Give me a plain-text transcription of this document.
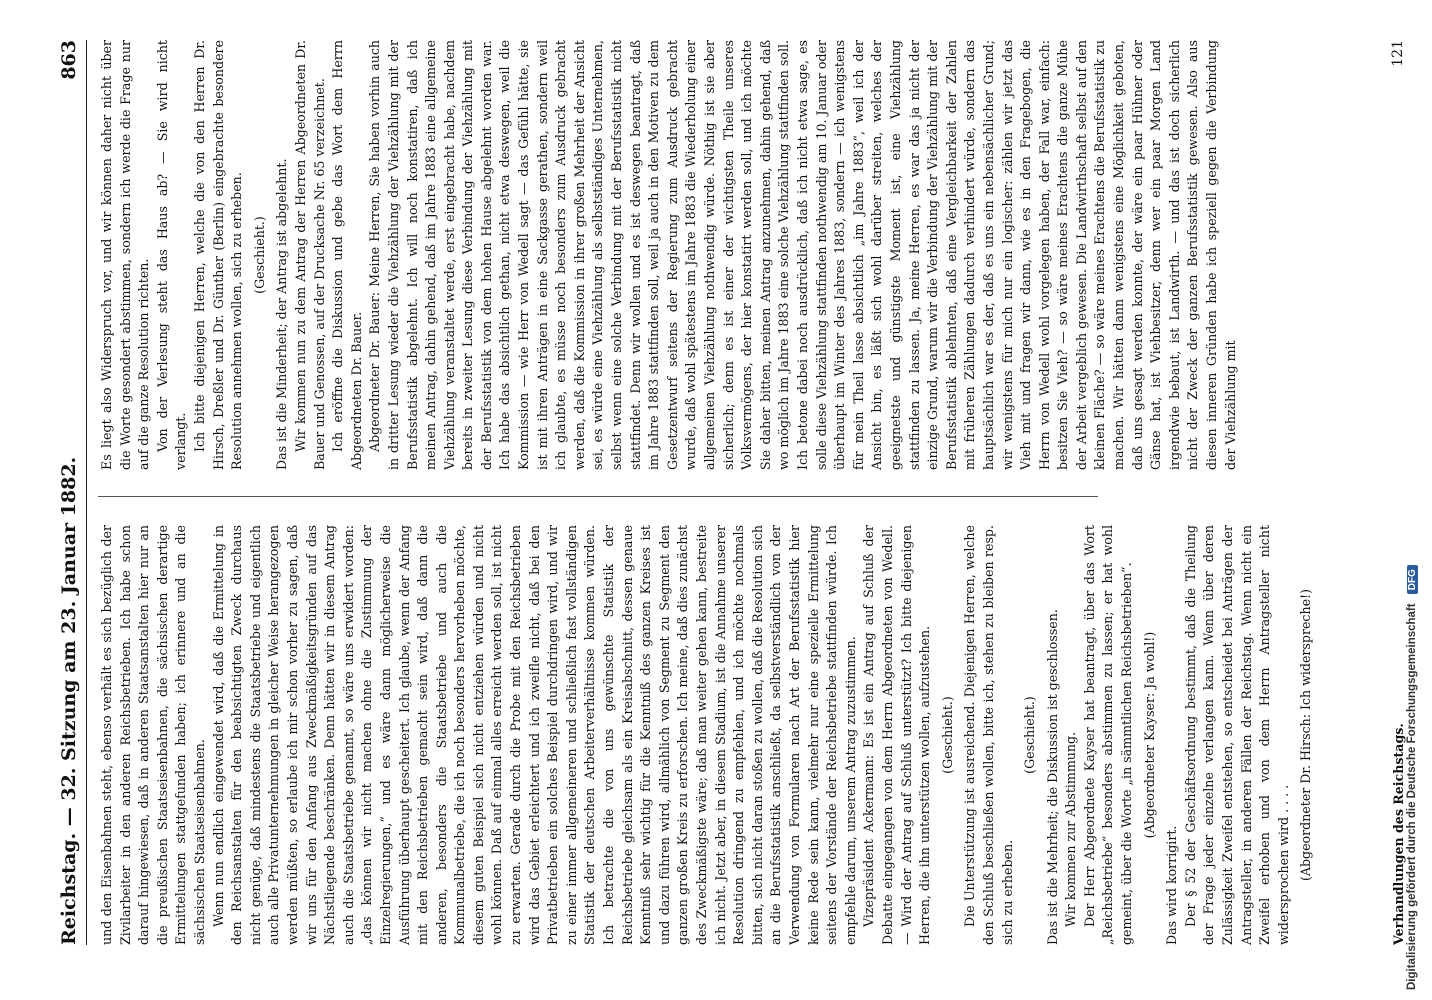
Reichstag. — 32. Sitzung am 23. Januar 1882.
863

und den Eisenbahnen steht, ebenso verhält es sich bezüglich der Zivilarbeiter in den anderen Reichsbetrieben. Ich habe schon darauf hingewiesen, daß in anderen Staatsanstalten hier nur an die preußischen Staatseisenbahnen, die sächsischen derartige Ermittelungen stattgefunden haben; ich erinnere und an die sächsischen Staatseisenbahnen. Wenn nun endlich eingewendet wird, daß die Ermittelung in den Reichsanstalten für den beabsichtigten Zweck durchaus nicht genüge, daß mindestens die Staatsbetriebe und eigentlich auch alle Privatunternehmungen in gleicher Weise herangezogen werden müßten, so erlaube ich mir schon vorher zu sagen, daß wir uns für den Anfang aus Zweckmäßigkeitsgründen auf das Nächstliegende beschränken. Denn hätten wir in diesem Antrag auch die Staatsbetriebe genannt, so wäre uns erwidert worden: „das können wir nicht machen ohne die Zustimmung der Einzelregierungen,“ und es wäre dann möglicherweise die Ausführung überhaupt gescheitert. Ich glaube, wenn der Anfang mit den Reichsbetrieben gemacht sein wird, daß dann die anderen, besonders die Staatsbetriebe und auch die Kommunalbetriebe, die ich noch besonders hervorheben möchte, diesem guten Beispiel sich nicht entziehen würden und nicht wohl können. Daß auf einmal alles erreicht werden soll, ist nicht zu erwarten. Gerade durch die Probe mit den Reichsbetrieben wird das Gebiet erleichtert und ich zweifle nicht, daß bei den Privatbetrieben ein solches Beispiel durchdringen wird, und wir zu einer immer allgemeineren und schließlich fast vollständigen Statistik der deutschen Arbeiterverhältnisse kommen würden. Ich betrachte die von uns gewünschte Statistik der Reichsbetriebe gleichsam als ein Kreisabschnitt, dessen genaue Kenntniß sehr wichtig für die Kenntniß des ganzen Kreises ist und dazu führen wird, allmählich von Segment zu Segment den ganzen großen Kreis zu erforschen. Ich meine, daß dies zunächst des Zweckmäßigste wäre; daß man weiter gehen kann, bestreite ich nicht. Jetzt aber, in diesem Stadium, ist die Annahme unserer Resolution dringend zu empfehlen, und ich möchte nochmals bitten, sich nicht daran stoßen zu wollen, daß die Resolution sich an die Berufsstatistik anschließt, da selbstverständlich von der Verwendung von Formularen nach Art der Berufsstatistik hier keine Rede sein kann, vielmehr nur eine spezielle Ermittelung seitens der Vorstände der Reichsbetriebe stattfinden würde. Ich empfehle darum, unserem Antrag zuzustimmen. Vizepräsident Ackermann: Es ist ein Antrag auf Schluß der Debatte eingegangen von dem Herrn Abgeordneten von Wedell. — Wird der Antrag auf Schluß unterstützt? Ich bitte diejenigen Herren, die ihn unterstützen wollen, aufzustehen. (Geschieht.) Die Unterstützung ist ausreichend. Diejenigen Herren, welche den Schluß beschließen wollen, bitte ich, stehen zu bleiben resp. sich zu erheben.

(Geschieht.) Das ist die Mehrheit; die Diskussion ist geschlossen. Wir kommen zur Abstimmung. Der Herr Abgeordnete Kayser hat beantragt, über das Wort „Reichsbetriebe“ besonders abstimmen zu lassen; er hat wohl gemeint, über die Worte „in sämmtlichen Reichsbetrieben“. (Abgeordneter Kayser: Ja wohl!)

Das wird korrigirt. Der § 52 der Geschäftsordnung bestimmt, daß die Theilung der Frage jeder einzelne verlangen kann. Wenn über deren Zulässigkeit Zweifel entstehen, so entscheidet bei Anträgen der Antragsteller, in anderen Fällen der Reichstag. Wenn nicht ein Zweifel erhoben und von dem Herrn Antragsteller nicht widersprochen wird . . . . (Abgeordneter Dr. Hirsch: Ich widerspreche!)

Es liegt also Widerspruch vor, und wir können daher nicht über die Worte gesondert abstimmen, sondern ich werde die Frage nur auf die ganze Resolution richten. Von der Verlesung steht das Haus ab? — Sie wird nicht verlangt. Ich bitte diejenigen Herren, welche die von den Herren Dr. Hirsch, Dreßler und Dr. Günther (Berlin) eingebrachte besondere Resolution annehmen wollen, sich zu erheben. (Geschieht.) Das ist die Minderheit; der Antrag ist abgelehnt. Wir kommen nun zu dem Antrag der Herren Abgeordneten Dr. Bauer und Genossen, auf der Drucksache Nr. 65 verzeichnet. Ich eröffne die Diskussion und gebe das Wort dem Herrn Abgeordneten Dr. Bauer. Abgeordneter Dr. Bauer: Meine Herren, Sie haben vorhin auch in dritter Lesung wieder die Viehzählung der Viehzählung mit der Berufsstatistik abgelehnt. Ich will noch konstatiren, daß ich meinen Antrag, dahin gehend, daß im Jahre 1883 eine allgemeine Viehzählung veranstaltet werde, erst eingebracht habe, nachdem bereits in zweiter Lesung diese Verbindung der Viehzählung mit der Berufsstatistik von dem hohen Hause abgelehnt worden war. Ich habe das absichtlich gethan, nicht etwa deswegen, weil die Kommission — wie Herr von Wedell sagt — das Gefühl hätte, sie ist mit ihren Anträgen in eine Sackgasse gerathen, sondern weil ich glaubte, es müsse noch besonders zum Ausdruck gebracht werden, daß die Kommission in ihrer großen Mehrheit der Ansicht sei, es würde eine Viehzählung als selbstständiges Unternehmen, selbst wenn eine solche Verbindung mit der Berufsstatistik nicht stattfindet. Denn wir wollen und es ist deswegen beantragt, daß im Jahre 1883 stattfinden soll, weil ja auch in den Motiven zu dem Gesetzentwurf seitens der Regierung zum Ausdruck gebracht wurde, daß wohl spätestens im Jahre 1883 die Wiederholung einer allgemeinen Viehzählung nothwendig würde. Nöthig ist sie aber sicherlich; denn es ist einer der wichtigsten Theile unseres Volksvermögens, der hier konstatirt werden soll, und ich möchte Sie daher bitten, meinen Antrag anzunehmen, dahin gehend, daß wo möglich im Jahre 1883 eine solche Viehzählung stattfinden soll. Ich betone dabei noch ausdrücklich, daß ich nicht etwa sage, es solle diese Viehzählung stattfinden nothwendig am 10. Januar oder überhaupt im Winter des Jahres 1883, sondern — ich wenigstens für mein Theil lasse absichtlich „im Jahre 1883“, weil ich der Ansicht bin, es läßt sich wohl darüber streiten, welches der geeignetste und günstigste Moment ist, eine Viehzählung stattfinden zu lassen. Ja, meine Herren, es war das ja nicht der einzige Grund, warum wir die Verbindung der Viehzählung mit der Berufsstatistik ablehnten, daß eine Vergleichbarkeit der Zahlen mit früheren Zählungen dadurch verhindert würde, sondern das hauptsächlich war es der, daß es uns ein nebensächlicher Grund; wir wenigstens für mich nur ein logischer: zählen wir jetzt das Vieh mit und fragen wir dann, wie es in den Fragebogen, die Herrn von Wedell wohl vorgelegen haben, der Fall war, einfach: besitzen Sie Vieh? — so wäre meines Erachtens die ganze Mühe der Arbeit vergeblich gewesen. Die Landwirthschaft selbst auf den kleinen Fläche? — so wäre meines Erachtens die Berufsstatistik zu machen. Wir hätten dann wenigstens eine Möglichkeit geboten, daß uns gesagt werden konnte, der wäre ein paar Hühner oder Gänse hat, ist Viehbesitzer, denn wer ein paar Morgen Land irgendwie bebaut, ist Landwirth. — und das ist doch sicherlich nicht der Zweck der ganzen Berufsstatistik gewesen. Also aus diesen inneren Gründen habe ich speziell gegen die Verbindung der Viehzählung mit

Verhandlungen des Reichstags.
121
Digitalisierung gefördert durch die Deutsche Forschungsgemeinschaft DFG
